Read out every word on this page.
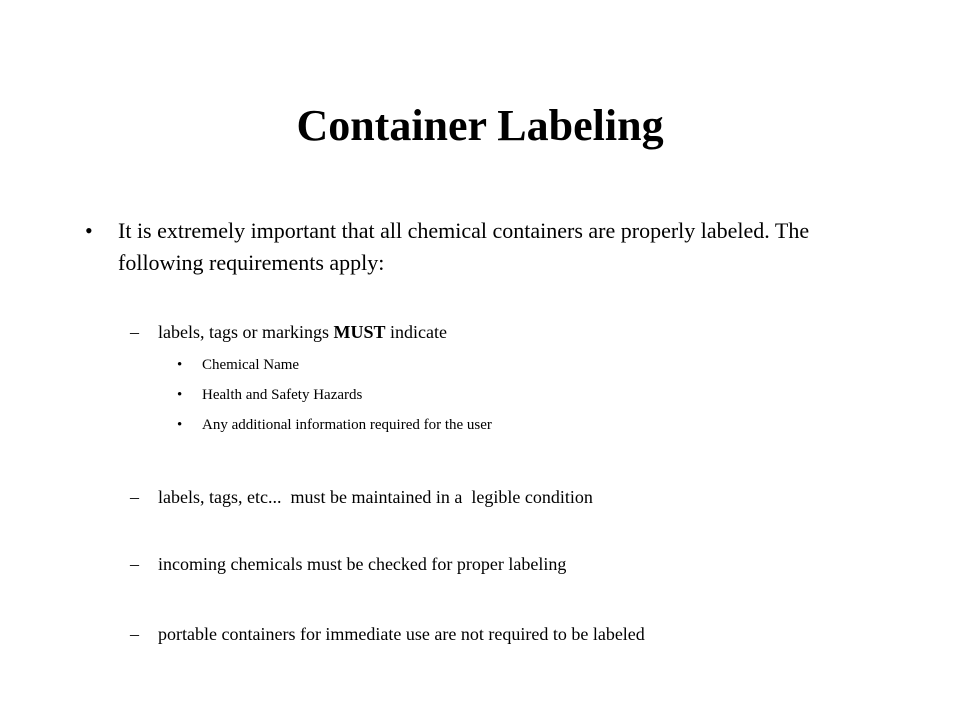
Container Labeling
•	It is extremely important that all chemical containers are properly labeled. The following requirements apply:
– labels, tags or markings MUST indicate
• Chemical Name
• Health and Safety Hazards
• Any additional information required for the user
– labels, tags, etc...  must be maintained in a  legible condition
– incoming chemicals must be checked for proper labeling
– portable containers for immediate use are not required to be labeled
